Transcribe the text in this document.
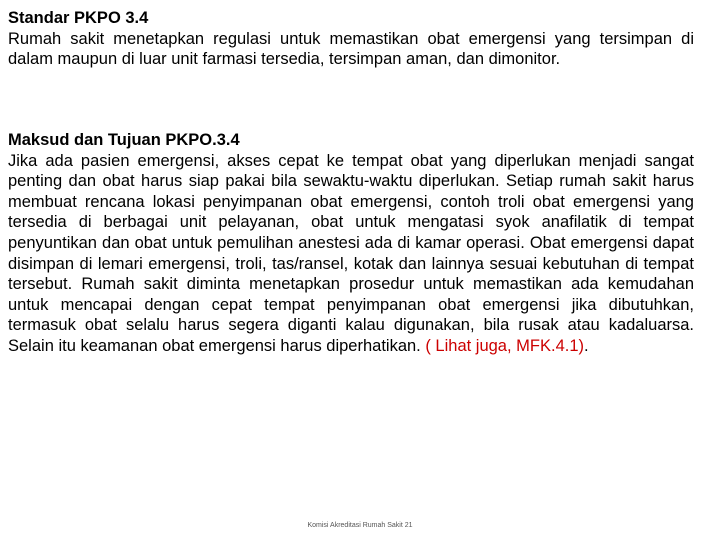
Standar PKPO 3.4
Rumah sakit menetapkan regulasi untuk memastikan obat emergensi yang tersimpan di dalam maupun di luar unit farmasi tersedia, tersimpan aman, dan dimonitor.
Maksud dan Tujuan PKPO.3.4
Jika ada pasien emergensi, akses cepat ke tempat obat yang diperlukan menjadi sangat penting dan obat harus siap pakai bila sewaktu-waktu diperlukan. Setiap rumah sakit harus membuat rencana lokasi penyimpanan obat emergensi, contoh troli obat emergensi yang tersedia di berbagai unit pelayanan, obat untuk mengatasi syok anafilatik di tempat penyuntikan dan obat untuk pemulihan anestesi ada di kamar operasi. Obat emergensi dapat disimpan di lemari emergensi, troli, tas/ransel, kotak dan lainnya sesuai kebutuhan di tempat tersebut. Rumah sakit diminta menetapkan prosedur untuk memastikan ada kemudahan untuk mencapai dengan cepat tempat penyimpanan obat emergensi jika dibutuhkan, termasuk obat selalu harus segera diganti kalau digunakan, bila rusak atau kadaluarsa. Selain itu keamanan obat emergensi harus diperhatikan. ( Lihat juga, MFK.4.1).
Komisi Akreditasi Rumah Sakit 21
